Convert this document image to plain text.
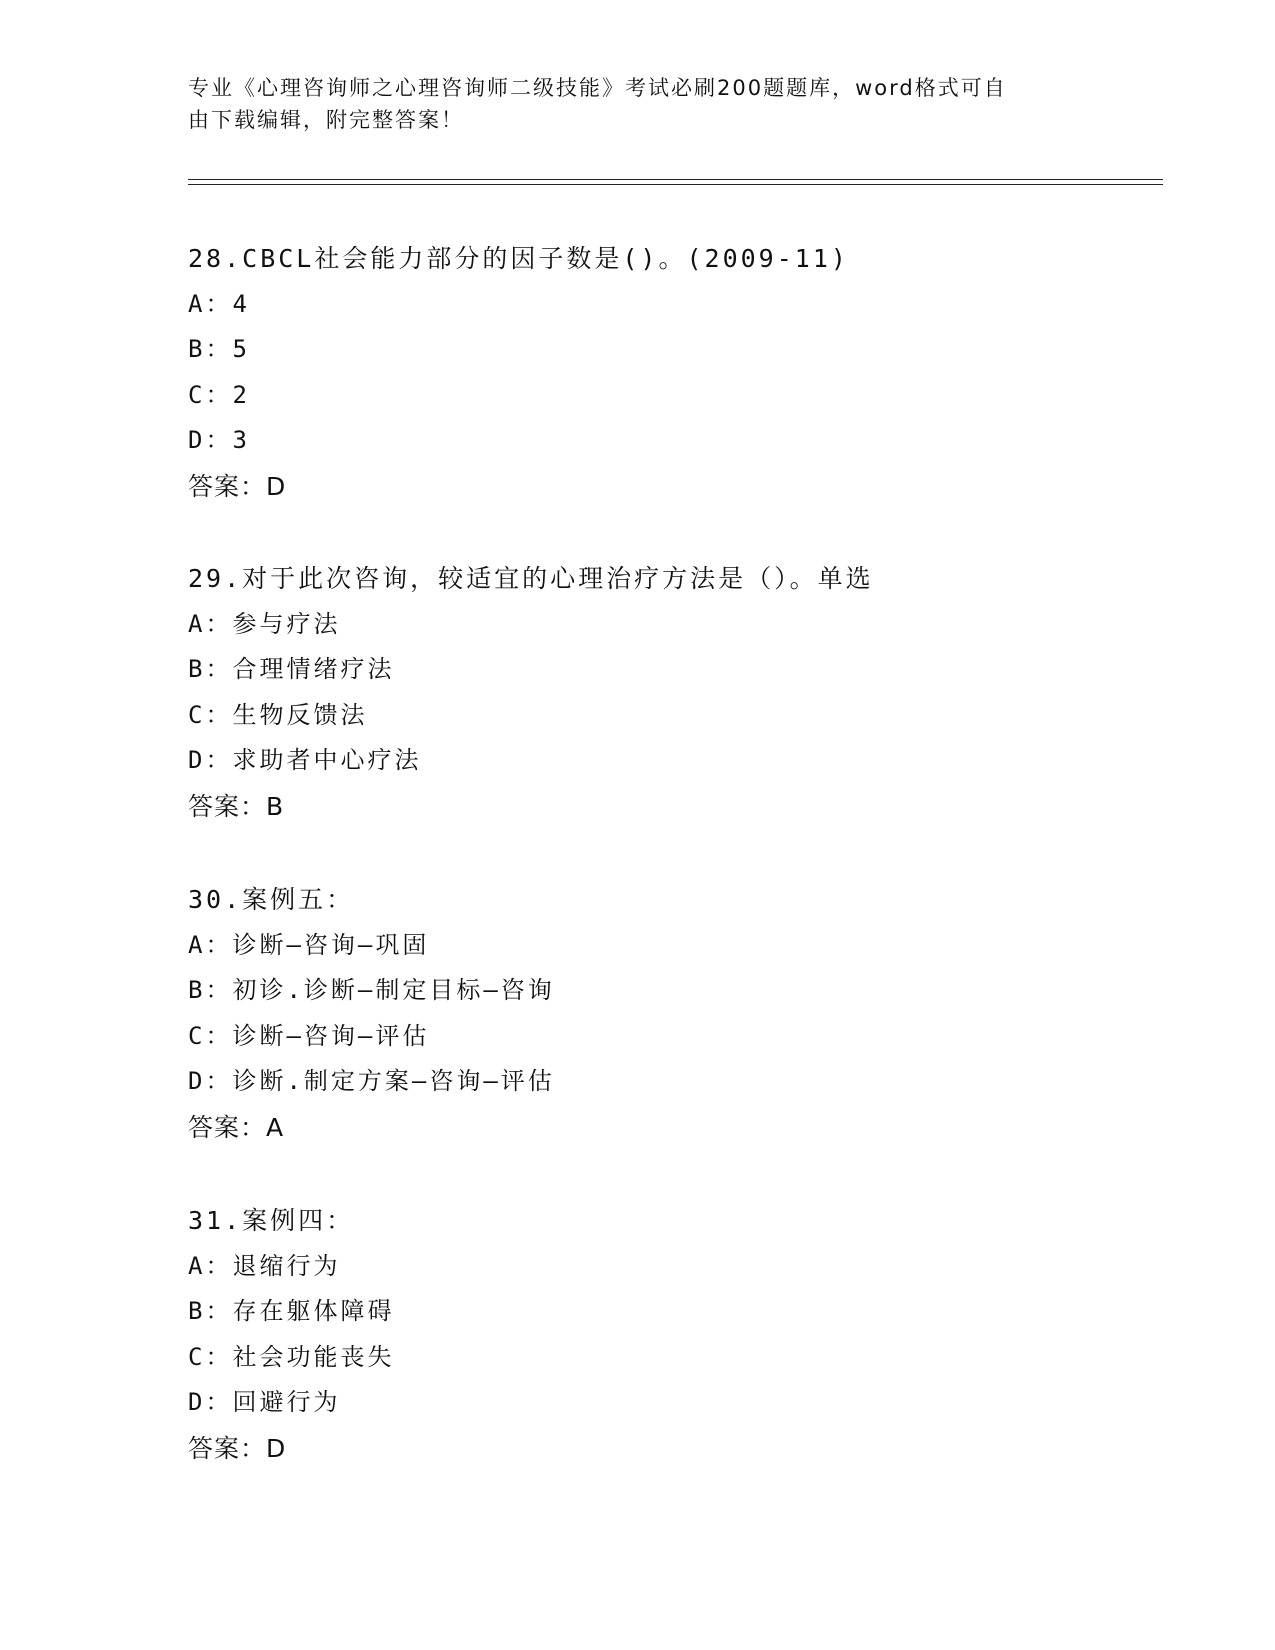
专业《心理咨询师之心理咨询师二级技能》考试必刷200题题库，word格式可自
由下载编辑，附完整答案！
28.CBCL社会能力部分的因子数是()。(2009-11)
A：4
B：5
C：2
D：3
答案：D
29.对于此次咨询，较适宜的心理治疗方法是（）。单选
A：参与疗法
B：合理情绪疗法
C：生物反馈法
D：求助者中心疗法
答案：B
30.案例五：
A：诊断—咨询—巩固
B：初诊.诊断—制定目标—咨询
C：诊断—咨询—评估
D：诊断.制定方案—咨询—评估
答案：A
31.案例四：
A：退缩行为
B：存在躯体障碍
C：社会功能丧失
D：回避行为
答案：D
